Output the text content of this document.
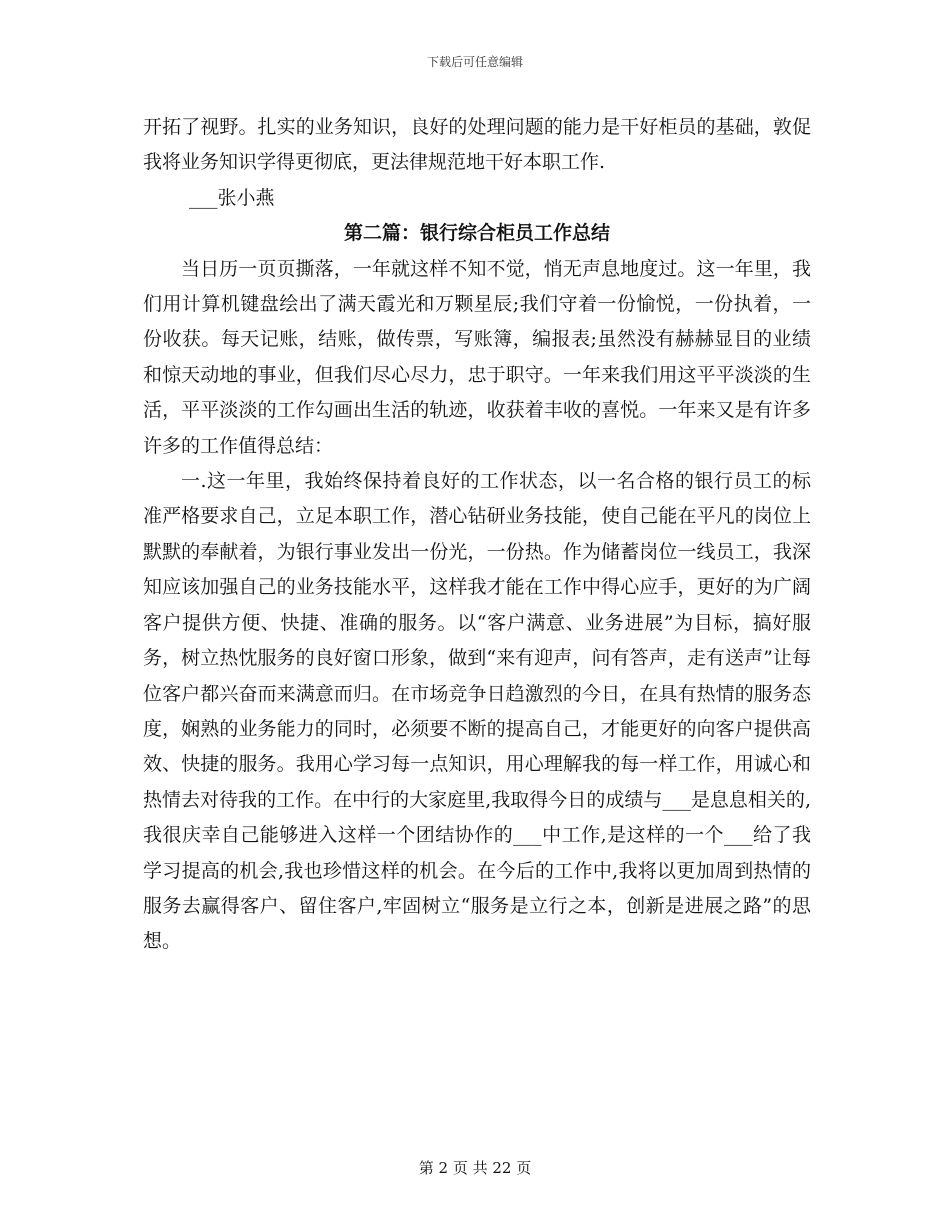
下载后可任意编辑

开拓了视野。扎实的业务知识，良好的处理问题的能力是干好柜员的基础，敦促我将业务知识学得更彻底，更法律规范地干好本职工作.

___张小燕

第二篇：银行综合柜员工作总结

当日历一页页撕落，一年就这样不知不觉，悄无声息地度过。这一年里，我们用计算机键盘绘出了满天霞光和万颗星辰;我们守着一份愉悦，一份执着，一份收获。每天记账，结账，做传票，写账簿，编报表;虽然没有赫赫显目的业绩和惊天动地的事业，但我们尽心尽力，忠于职守。一年来我们用这平平淡淡的生活，平平淡淡的工作勾画出生活的轨迹，收获着丰收的喜悦。一年来又是有许多许多的工作值得总结：

一.这一年里，我始终保持着良好的工作状态，以一名合格的银行员工的标准严格要求自己，立足本职工作，潜心钻研业务技能，使自己能在平凡的岗位上默默的奉献着，为银行事业发出一份光，一份热。作为储蓄岗位一线员工，我深知应该加强自己的业务技能水平，这样我才能在工作中得心应手，更好的为广阔客户提供方便、快捷、准确的服务。以“客户满意、业务进展”为目标，搞好服务，树立热忱服务的良好窗口形象，做到“来有迎声，问有答声，走有送声”让每位客户都兴奋而来满意而归。在市场竞争日趋激烈的今日，在具有热情的服务态度，娴熟的业务能力的同时，必须要不断的提高自己，才能更好的向客户提供高效、快捷的服务。我用心学习每一点知识，用心理解我的每一样工作，用诚心和热情去对待我的工作。在中行的大家庭里,我取得今日的成绩与___是息息相关的,我很庆幸自己能够进入这样一个团结协作的___中工作,是这样的一个___给了我学习提高的机会,我也珍惜这样的机会。在今后的工作中,我将以更加周到热情的服务去赢得客户、留住客户,牢固树立“服务是立行之本，创新是进展之路”的思想。

第 2 页 共 22 页
